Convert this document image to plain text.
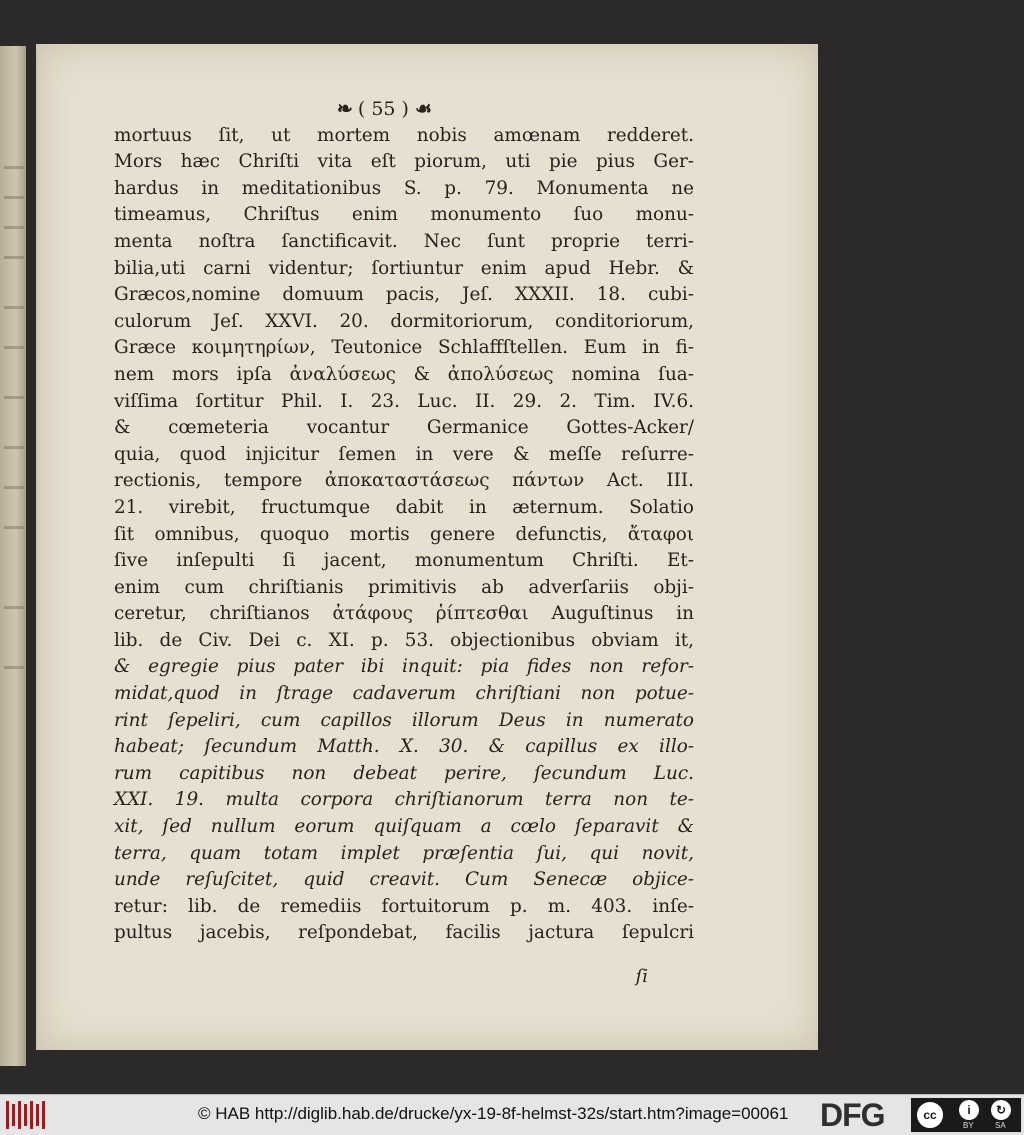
❧ ( 55 ) ☙
mortuus ſit, ut mortem nobis amœnam redderet.
Mors hæc Chriſti vita eſt piorum, uti pie pius Ger-
hardus in meditationibus S. p. 79. Monumenta ne
timeamus, Chriſtus enim monumento ſuo monu-
menta noſtra ſanctificavit. Nec ſunt proprie terri-
bilia,uti carni videntur; ſortiuntur enim apud Hebr. &
Græcos,nomine domuum pacis, Jeſ. XXXII. 18. cubi-
culorum Jeſ. XXVI. 20. dormitoriorum, conditoriorum,
Græce κοιμητηρίων, Teutonice Schlaffſtellen. Eum in fi-
nem mors ipſa ἀναλύσεως & ἀπολύσεως nomina ſua-
viſſima ſortitur Phil. I. 23. Luc. II. 29. 2. Tim. IV.6.
& cœmeteria vocantur Germanice Gottes-Acker/
quia, quod injicitur ſemen in vere & meſſe reſurre-
rectionis, tempore ἀποκαταστάσεως πάντων Act. III.
21. virebit, fructumque dabit in æternum. Solatio
ſit omnibus, quoquo mortis genere defunctis, ἄταφοι
ſive inſepulti ſi jacent, monumentum Chriſti. Et-
enim cum chriſtianis primitivis ab adverſariis obji-
ceretur, chriſtianos ἀτάφους ῥίπτεσθαι Auguſtinus in
lib. de Civ. Dei c. XI. p. 53. objectionibus obviam it,
& egregie pius pater ibi inquit: pia fides non refor-
midat,quod in ſtrage cadaverum chriſtiani non potue-
rint ſepeliri, cum capillos illorum Deus in numerato
habeat; ſecundum Matth. X. 30. & capillus ex illo-
rum capitibus non debeat perire, ſecundum Luc.
XXI. 19. multa corpora chriſtianorum terra non te-
xit, ſed nullum eorum quiſquam a cœlo ſeparavit &
terra, quam totam implet præſentia ſui, qui novit,
unde reſuſcitet, quid creavit. Cum Senecæ objice-
retur: lib. de remediis fortuitorum p. m. 403. inſe-
pultus jacebis, reſpondebat, facilis jactura ſepulcri
ſi
© HAB http://diglib.hab.de/drucke/yx-19-8f-helmst-32s/start.htm?image=00061 DFG	cc	i	↻
BY	SA
